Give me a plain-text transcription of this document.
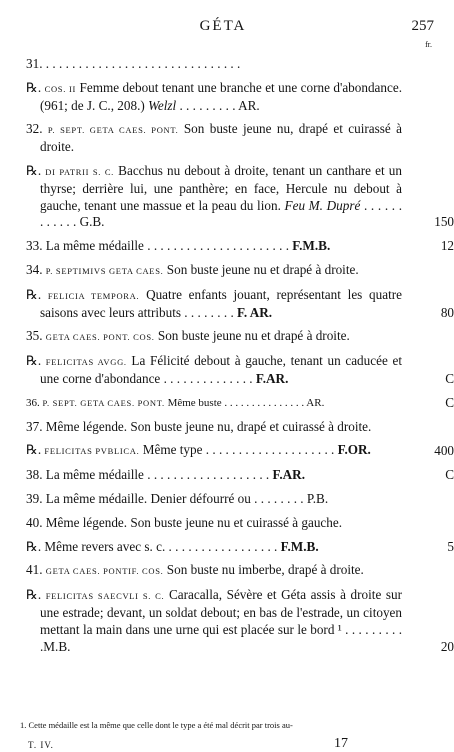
GÉTA	257
fr.
31. . . . . . . . . . . . . . . . . . . . . . . . . . . . . . .
℞. COS. II Femme debout tenant une branche et une corne d'abondance. (961; de J. C., 208.) Welzl . . . . . . . . . AR.
32. P. SEPT. GETA CAES. PONT. Son buste jeune nu, drapé et cuirassé à droite.
℞. DI PATRII S. C. Bacchus nu debout à droite, tenant un canthare et un thyrse; derrière lui, une panthère; en face, Hercule nu debout à gauche, tenant une massue et la peau du lion. Feu M. Dupré . . . . . . . . . . . . G.B.	150
33. La même médaille . . . . . . . . . . . . . . . . . . . . . . F.M.B.	12
34. P. SEPTIMIVS GETA CAES. Son buste jeune nu et drapé à droite.
℞. FELICIA TEMPORA. Quatre enfants jouant, représentant les quatre saisons avec leurs attributs . . . . . . . . F. AR.	80
35. GETA CAES. PONT. COS. Son buste jeune nu et drapé à droite.
℞. FELICITAS AVGG. La Félicité debout à gauche, tenant un caducée et une corne d'abondance . . . . . . . . . . . . . . F.AR.	C
36. P. SEPT. GETA CAES. PONT. Même buste . . . . . . . . . . . . . . . AR.	C
37. Même légende. Son buste jeune nu, drapé et cuirassé à droite.
℞. FELICITAS PVBLICA. Même type . . . . . . . . . . . . . . . . . . . . F.OR.	400
38. La même médaille . . . . . . . . . . . . . . . . . . . F.AR.	C
39. La même médaille. Denier défourré ou . . . . . . . . P.B.
40. Même légende. Son buste jeune nu et cuirassé à gauche.
℞. Même revers avec s. c. . . . . . . . . . . . . . . . . . F.M.B.	5
41. GETA CAES. PONTIF. COS. Son buste nu imberbe, drapé à droite.
℞. FELICITAS SAECVLI S. C. Caracalla, Sévère et Géta assis à droite sur une estrade; devant, un soldat debout; en bas de l'estrade, un citoyen mettant la main dans une urne qui est placée sur le bord ¹ . . . . . . . . . .M.B.	20
1. Cette médaille est la même que celle dont le type a été mal décrit par trois au-
T. IV.	17
